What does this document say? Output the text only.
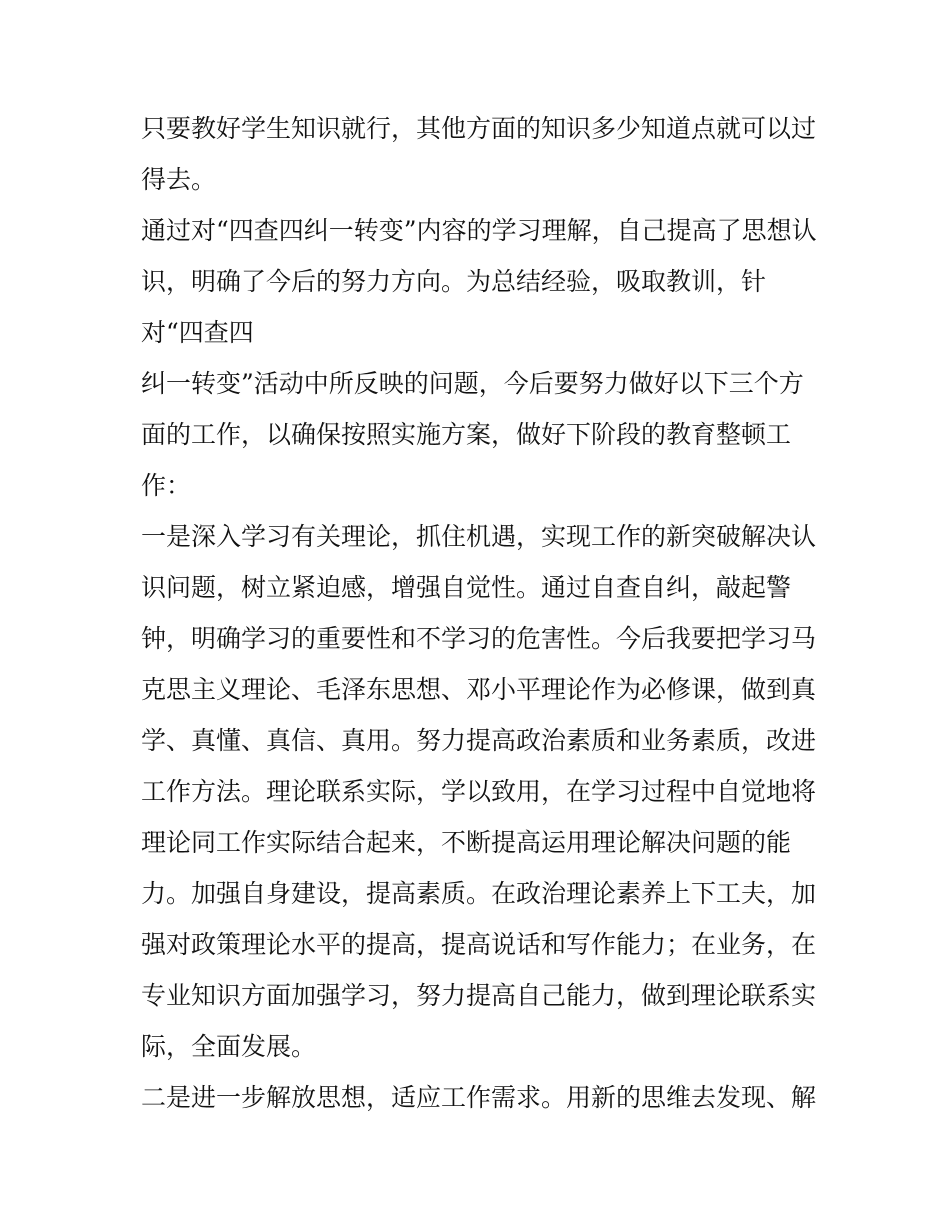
只要教好学生知识就行，其他方面的知识多少知道点就可以过
得去。
通过对“四查四纠一转变”内容的学习理解，自己提高了思想认
识，明确了今后的努力方向。为总结经验，吸取教训，针
对“四查四
纠一转变”活动中所反映的问题，今后要努力做好以下三个方
面的工作，以确保按照实施方案，做好下阶段的教育整顿工
作：
一是深入学习有关理论，抓住机遇，实现工作的新突破解决认
识问题，树立紧迫感，增强自觉性。通过自查自纠，敲起警
钟，明确学习的重要性和不学习的危害性。今后我要把学习马
克思主义理论、毛泽东思想、邓小平理论作为必修课，做到真
学、真懂、真信、真用。努力提高政治素质和业务素质，改进
工作方法。理论联系实际，学以致用，在学习过程中自觉地将
理论同工作实际结合起来，不断提高运用理论解决问题的能
力。加强自身建设，提高素质。在政治理论素养上下工夫，加
强对政策理论水平的提高，提高说话和写作能力；在业务，在
专业知识方面加强学习，努力提高自己能力，做到理论联系实
际，全面发展。
二是进一步解放思想，适应工作需求。用新的思维去发现、解
